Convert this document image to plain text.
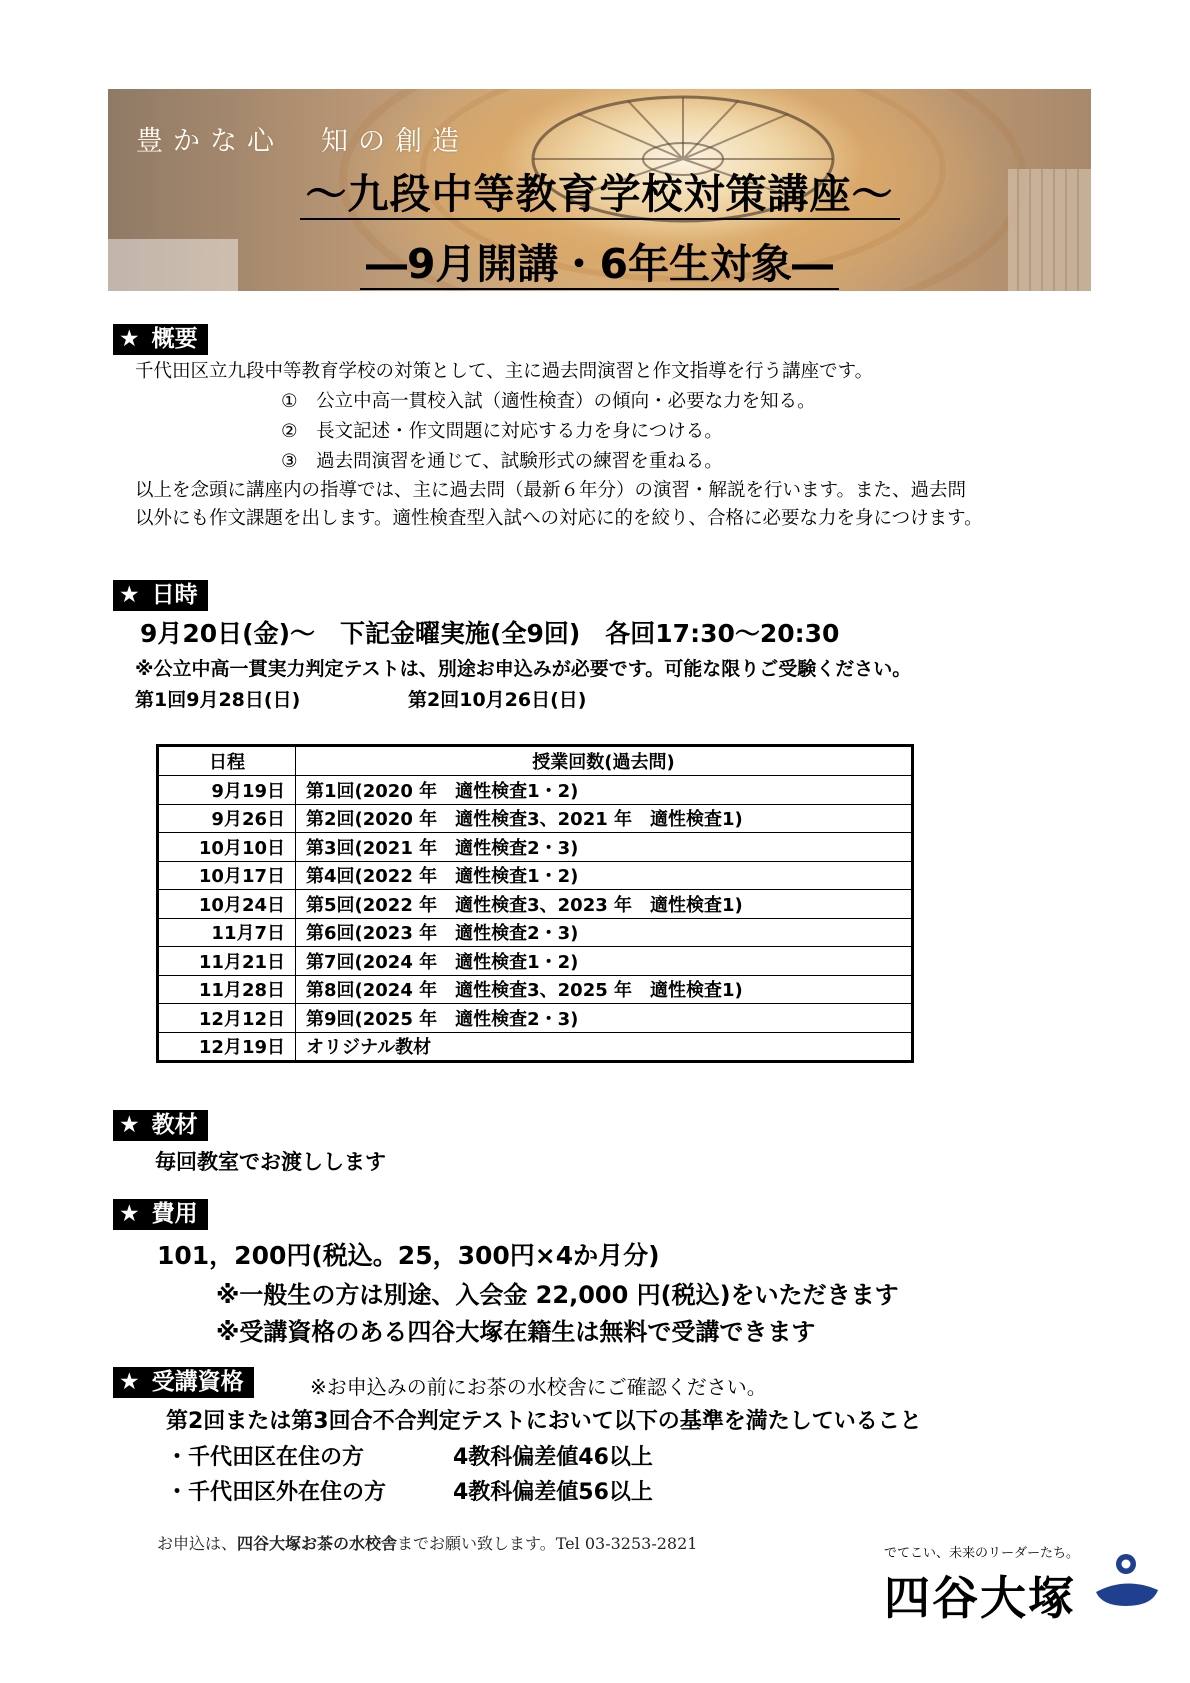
豊かな心　知の創造
～九段中等教育学校対策講座～
―9月開講・6年生対象―
★ 概要
千代田区立九段中等教育学校の対策として、主に過去問演習と作文指導を行う講座です。
①　公立中高一貫校入試（適性検査）の傾向・必要な力を知る。
②　長文記述・作文問題に対応する力を身につける。
③　過去問演習を通じて、試験形式の練習を重ねる。
以上を念頭に講座内の指導では、主に過去問（最新６年分）の演習・解説を行います。また、過去問
以外にも作文課題を出します。適性検査型入試への対応に的を絞り、合格に必要な力を身につけます。
★ 日時
9月20日(金)～　下記金曜実施(全9回)　各回17:30～20:30
※公立中高一貫実力判定テストは、別途お申込みが必要です。可能な限りご受験ください。
第1回9月28日(日)	第2回10月26日(日)
日程	授業回数(過去問)
9月19日	第1回(2020 年　適性検査1・2)
9月26日	第2回(2020 年　適性検査3、2021 年　適性検査1)
10月10日	第3回(2021 年　適性検査2・3)
10月17日	第4回(2022 年　適性検査1・2)
10月24日	第5回(2022 年　適性検査3、2023 年　適性検査1)
11月7日	第6回(2023 年　適性検査2・3)
11月21日	第7回(2024 年　適性検査1・2)
11月28日	第8回(2024 年　適性検査3、2025 年　適性検査1)
12月12日	第9回(2025 年　適性検査2・3)
12月19日	オリジナル教材
★ 教材
毎回教室でお渡しします
★ 費用
101，200円(税込。25，300円×4か月分)
※一般生の方は別途、入会金 22,000 円(税込)をいただきます
※受講資格のある四谷大塚在籍生は無料で受講できます
★ 受講資格	※お申込みの前にお茶の水校舎にご確認ください。
第2回または第3回合不合判定テストにおいて以下の基準を満たしていること
・千代田区在住の方	4教科偏差値46以上
・千代田区外在住の方	4教科偏差値56以上
お申込は、四谷大塚お茶の水校舎までお願い致します。Tel 03-3253-2821
でてこい、未来のリーダーたち。
四谷大塚
